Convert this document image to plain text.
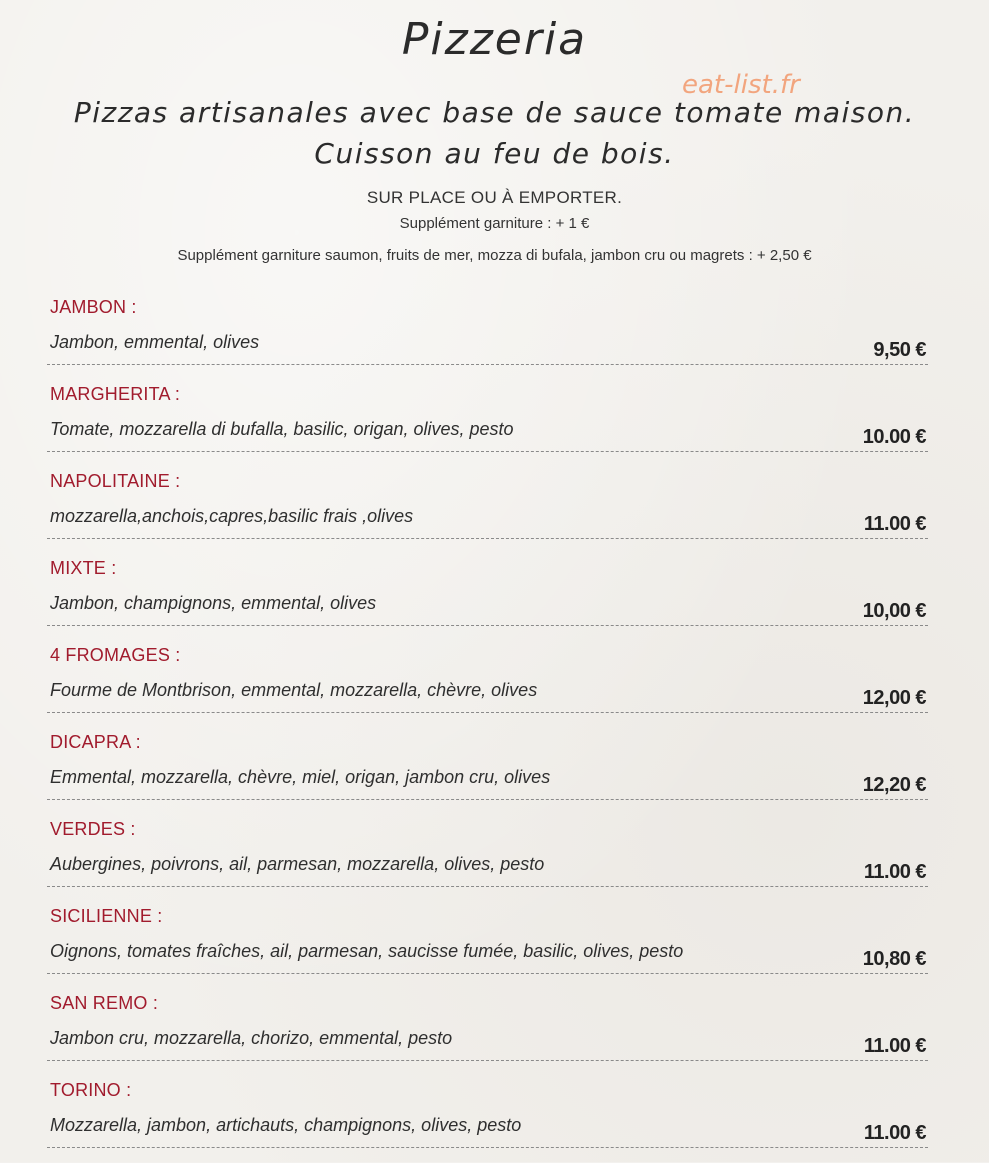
Pizzeria
eat-list.fr
Pizzas artisanales avec base de sauce tomate maison.
Cuisson au feu de bois.
SUR PLACE OU À EMPORTER.
Supplément garniture : + 1 €
Supplément garniture saumon, fruits de mer, mozza di bufala, jambon cru ou magrets : + 2,50 €
JAMBON :
Jambon, emmental, olives	9,50 €
MARGHERITA :
Tomate, mozzarella di bufalla, basilic, origan, olives, pesto	10.00 €
NAPOLITAINE :
mozzarella,anchois,capres,basilic frais ,olives	11.00 €
MIXTE :
Jambon, champignons, emmental, olives	10,00 €
4 FROMAGES :
Fourme de Montbrison, emmental, mozzarella, chèvre, olives	12,00 €
DICAPRA :
Emmental, mozzarella, chèvre, miel, origan, jambon cru, olives	12,20 €
VERDES :
Aubergines, poivrons, ail, parmesan, mozzarella, olives, pesto	11.00 €
SICILIENNE :
Oignons, tomates fraîches, ail, parmesan, saucisse fumée, basilic, olives, pesto	10,80 €
SAN REMO :
Jambon cru, mozzarella, chorizo, emmental, pesto	11.00 €
TORINO :
Mozzarella, jambon, artichauts, champignons, olives, pesto	11.00 €
